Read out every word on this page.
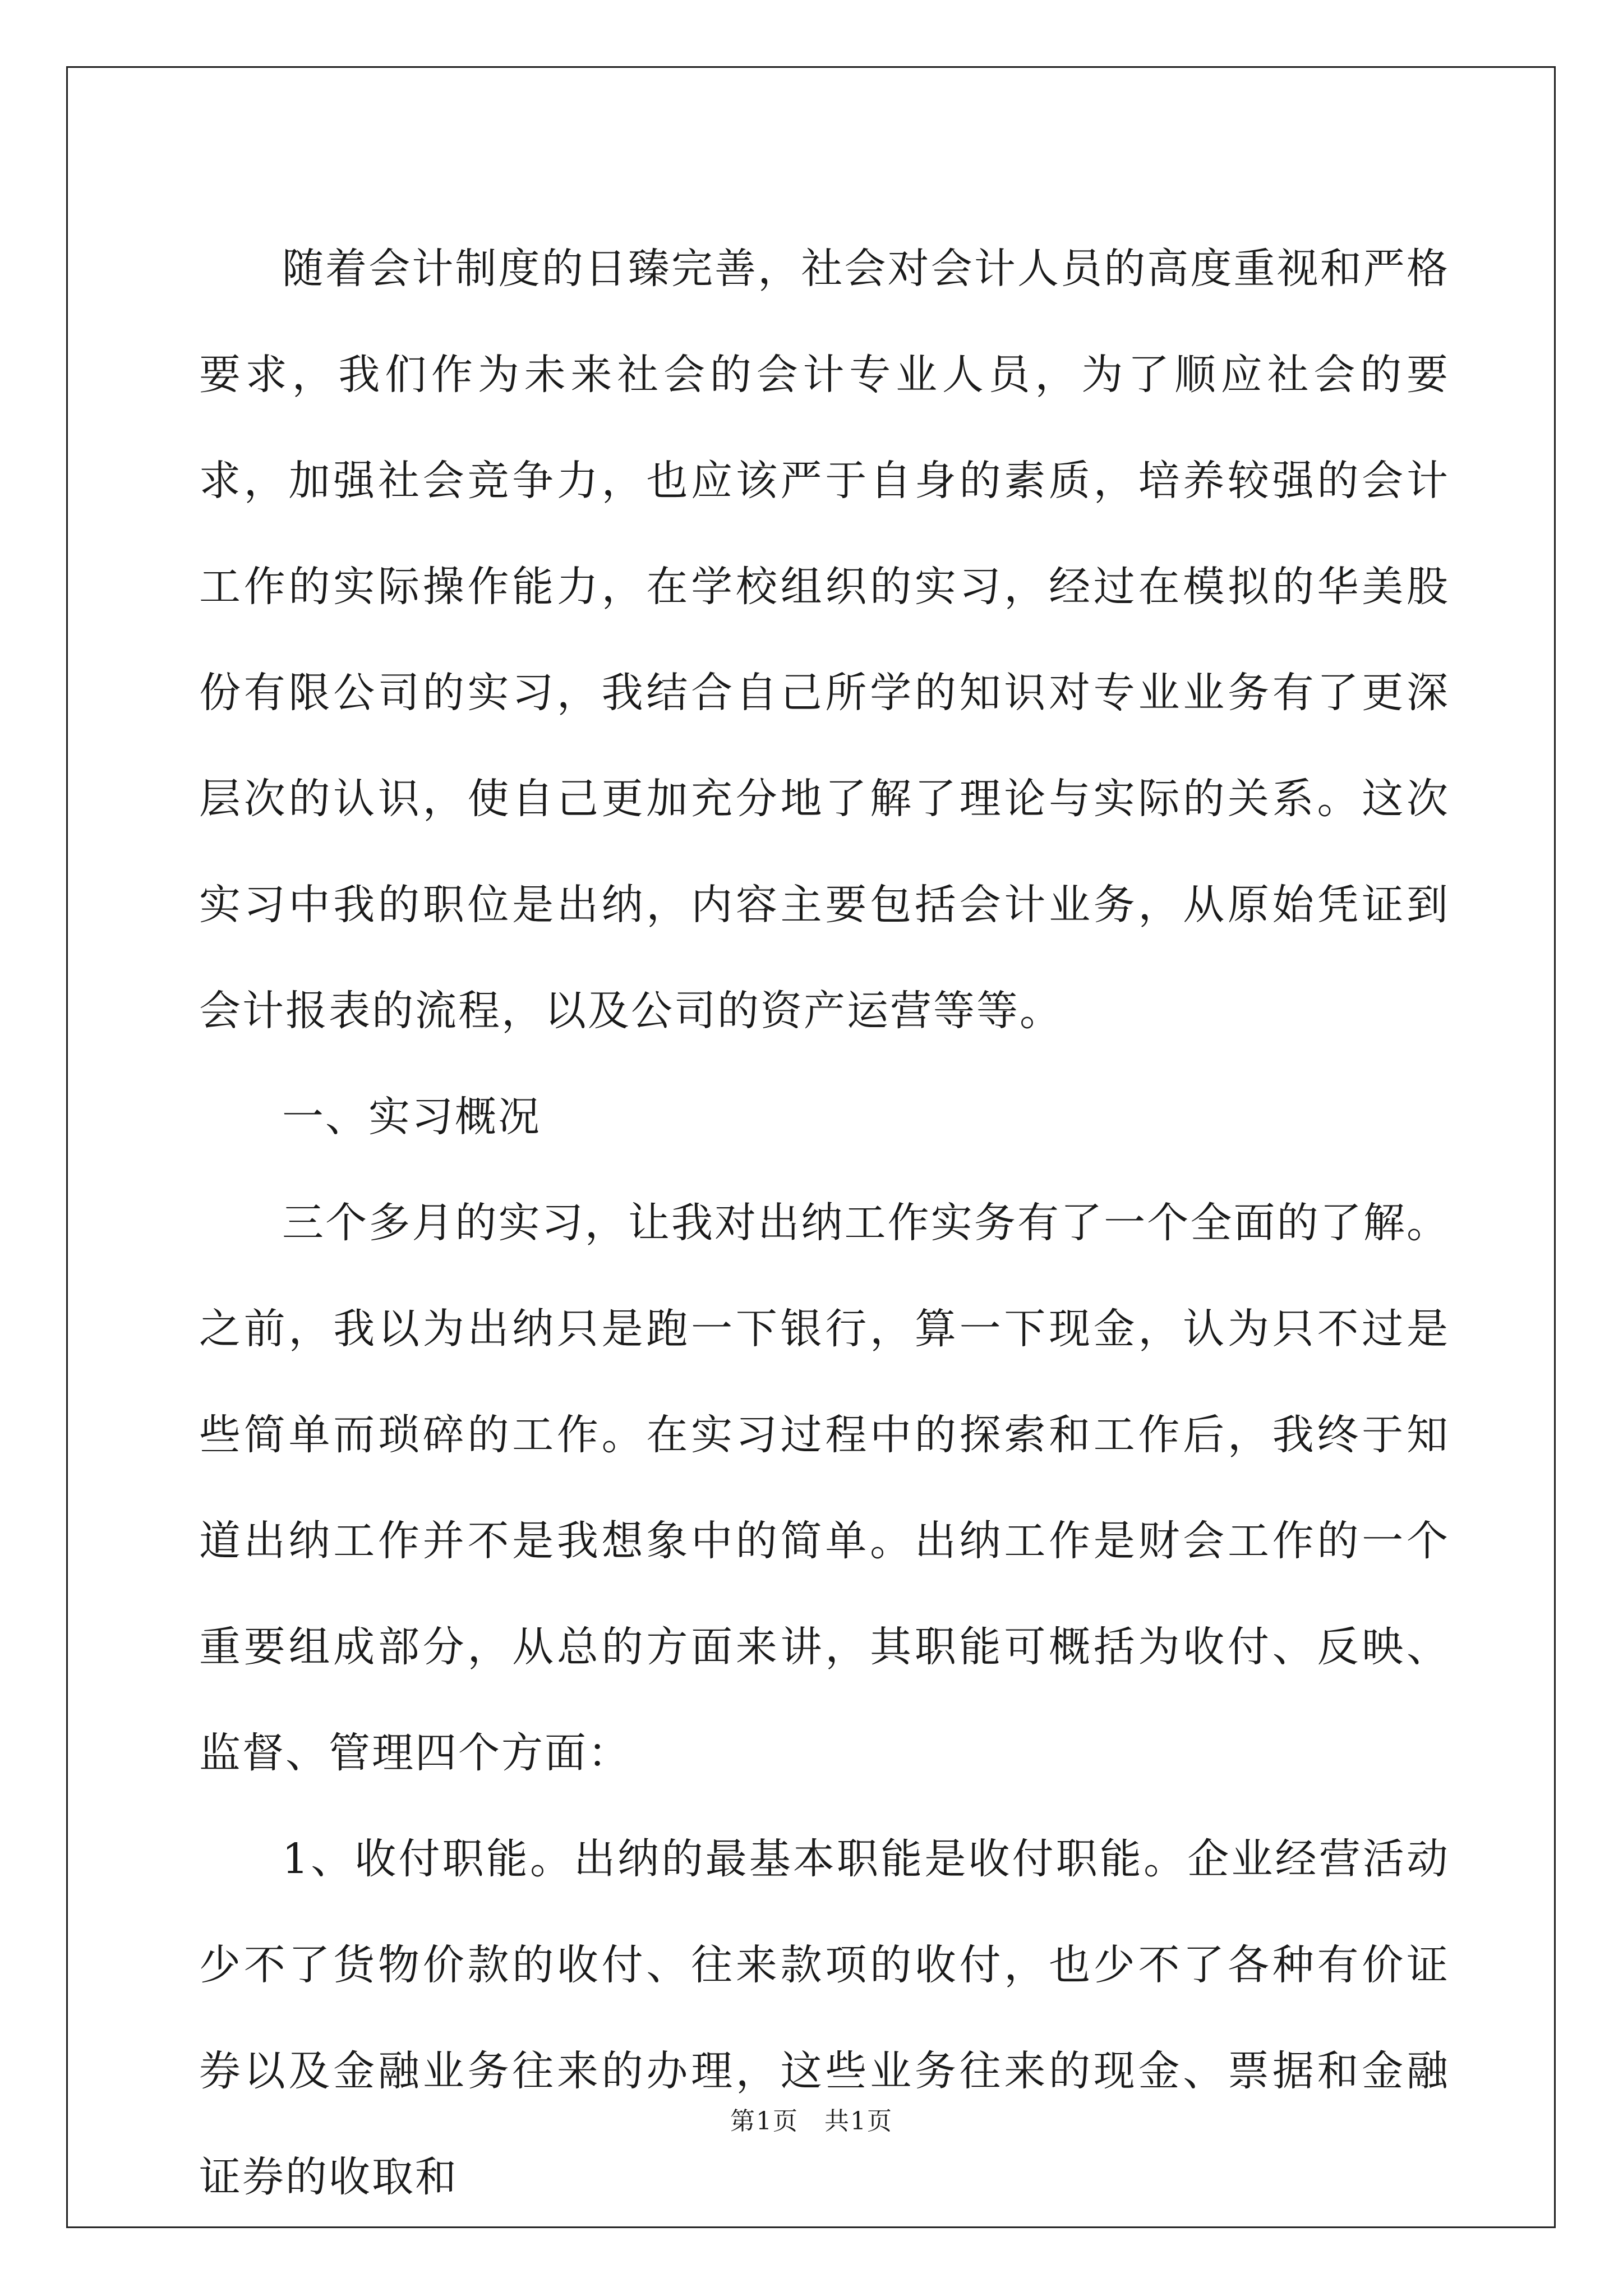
随着会计制度的日臻完善，社会对会计人员的高度重视和严格要求，我们作为未来社会的会计专业人员，为了顺应社会的要求，加强社会竞争力，也应该严于自身的素质，培养较强的会计工作的实际操作能力，在学校组织的实习，经过在模拟的华美股份有限公司的实习，我结合自己所学的知识对专业业务有了更深层次的认识，使自己更加充分地了解了理论与实际的关系。这次实习中我的职位是出纳，内容主要包括会计业务，从原始凭证到会计报表的流程，以及公司的资产运营等等。

一、实习概况

三个多月的实习，让我对出纳工作实务有了一个全面的了解。之前，我以为出纳只是跑一下银行，算一下现金，认为只不过是些简单而琐碎的工作。在实习过程中的探索和工作后，我终于知道出纳工作并不是我想象中的简单。出纳工作是财会工作的一个重要组成部分，从总的方面来讲，其职能可概括为收付、反映、监督、管理四个方面：

1、收付职能。出纳的最基本职能是收付职能。企业经营活动少不了货物价款的收付、往来款项的收付，也少不了各种有价证券以及金融业务往来的办理，这些业务往来的现金、票据和金融证券的收取和

第1页　共1页
